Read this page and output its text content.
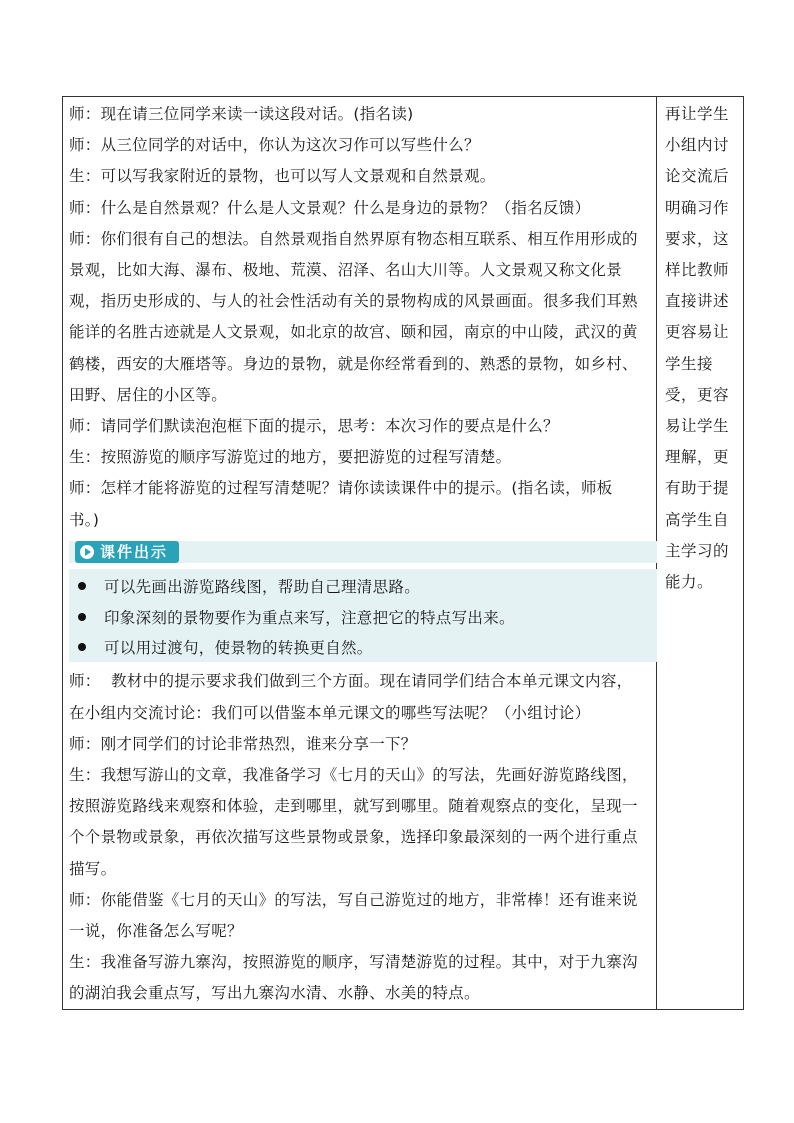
师：现在请三位同学来读一读这段对话。(指名读)
师：从三位同学的对话中，你认为这次习作可以写些什么？
生：可以写我家附近的景物，也可以写人文景观和自然景观。
师：什么是自然景观？什么是人文景观？什么是身边的景物？（指名反馈）
师：你们很有自己的想法。自然景观指自然界原有物态相互联系、相互作用形成的
景观，比如大海、瀑布、极地、荒漠、沼泽、名山大川等。人文景观又称文化景
观，指历史形成的、与人的社会性活动有关的景物构成的风景画面。很多我们耳熟
能详的名胜古迹就是人文景观，如北京的故宫、颐和园，南京的中山陵，武汉的黄
鹤楼，西安的大雁塔等。身边的景物，就是你经常看到的、熟悉的景物，如乡村、
田野、居住的小区等。
师：请同学们默读泡泡框下面的提示，思考：本次习作的要点是什么？
生：按照游览的顺序写游览过的地方，要把游览的过程写清楚。
师：怎样才能将游览的过程写清楚呢？请你读读课件中的提示。(指名读，师板
书。)
课件出示
可以先画出游览路线图，帮助自己理清思路。
印象深刻的景物要作为重点来写，注意把它的特点写出来。
可以用过渡句，使景物的转换更自然。
师：  教材中的提示要求我们做到三个方面。现在请同学们结合本单元课文内容，
在小组内交流讨论：我们可以借鉴本单元课文的哪些写法呢？（小组讨论）
师：刚才同学们的讨论非常热烈，谁来分享一下？
生：我想写游山的文章，我准备学习《七月的天山》的写法，先画好游览路线图，
按照游览路线来观察和体验，走到哪里，就写到哪里。随着观察点的变化，呈现一
个个景物或景象，再依次描写这些景物或景象，选择印象最深刻的一两个进行重点
描写。
师：你能借鉴《七月的天山》的写法，写自己游览过的地方，非常棒！还有谁来说
一说，你准备怎么写呢？
生：我准备写游九寨沟，按照游览的顺序，写清楚游览的过程。其中，对于九寨沟
的湖泊我会重点写，写出九寨沟水清、水静、水美的特点。
再让学生
小组内讨
论交流后
明确习作
要求，这
样比教师
直接讲述
更容易让
学生接
受，更容
易让学生
理解，更
有助于提
高学生自
主学习的
能力。
